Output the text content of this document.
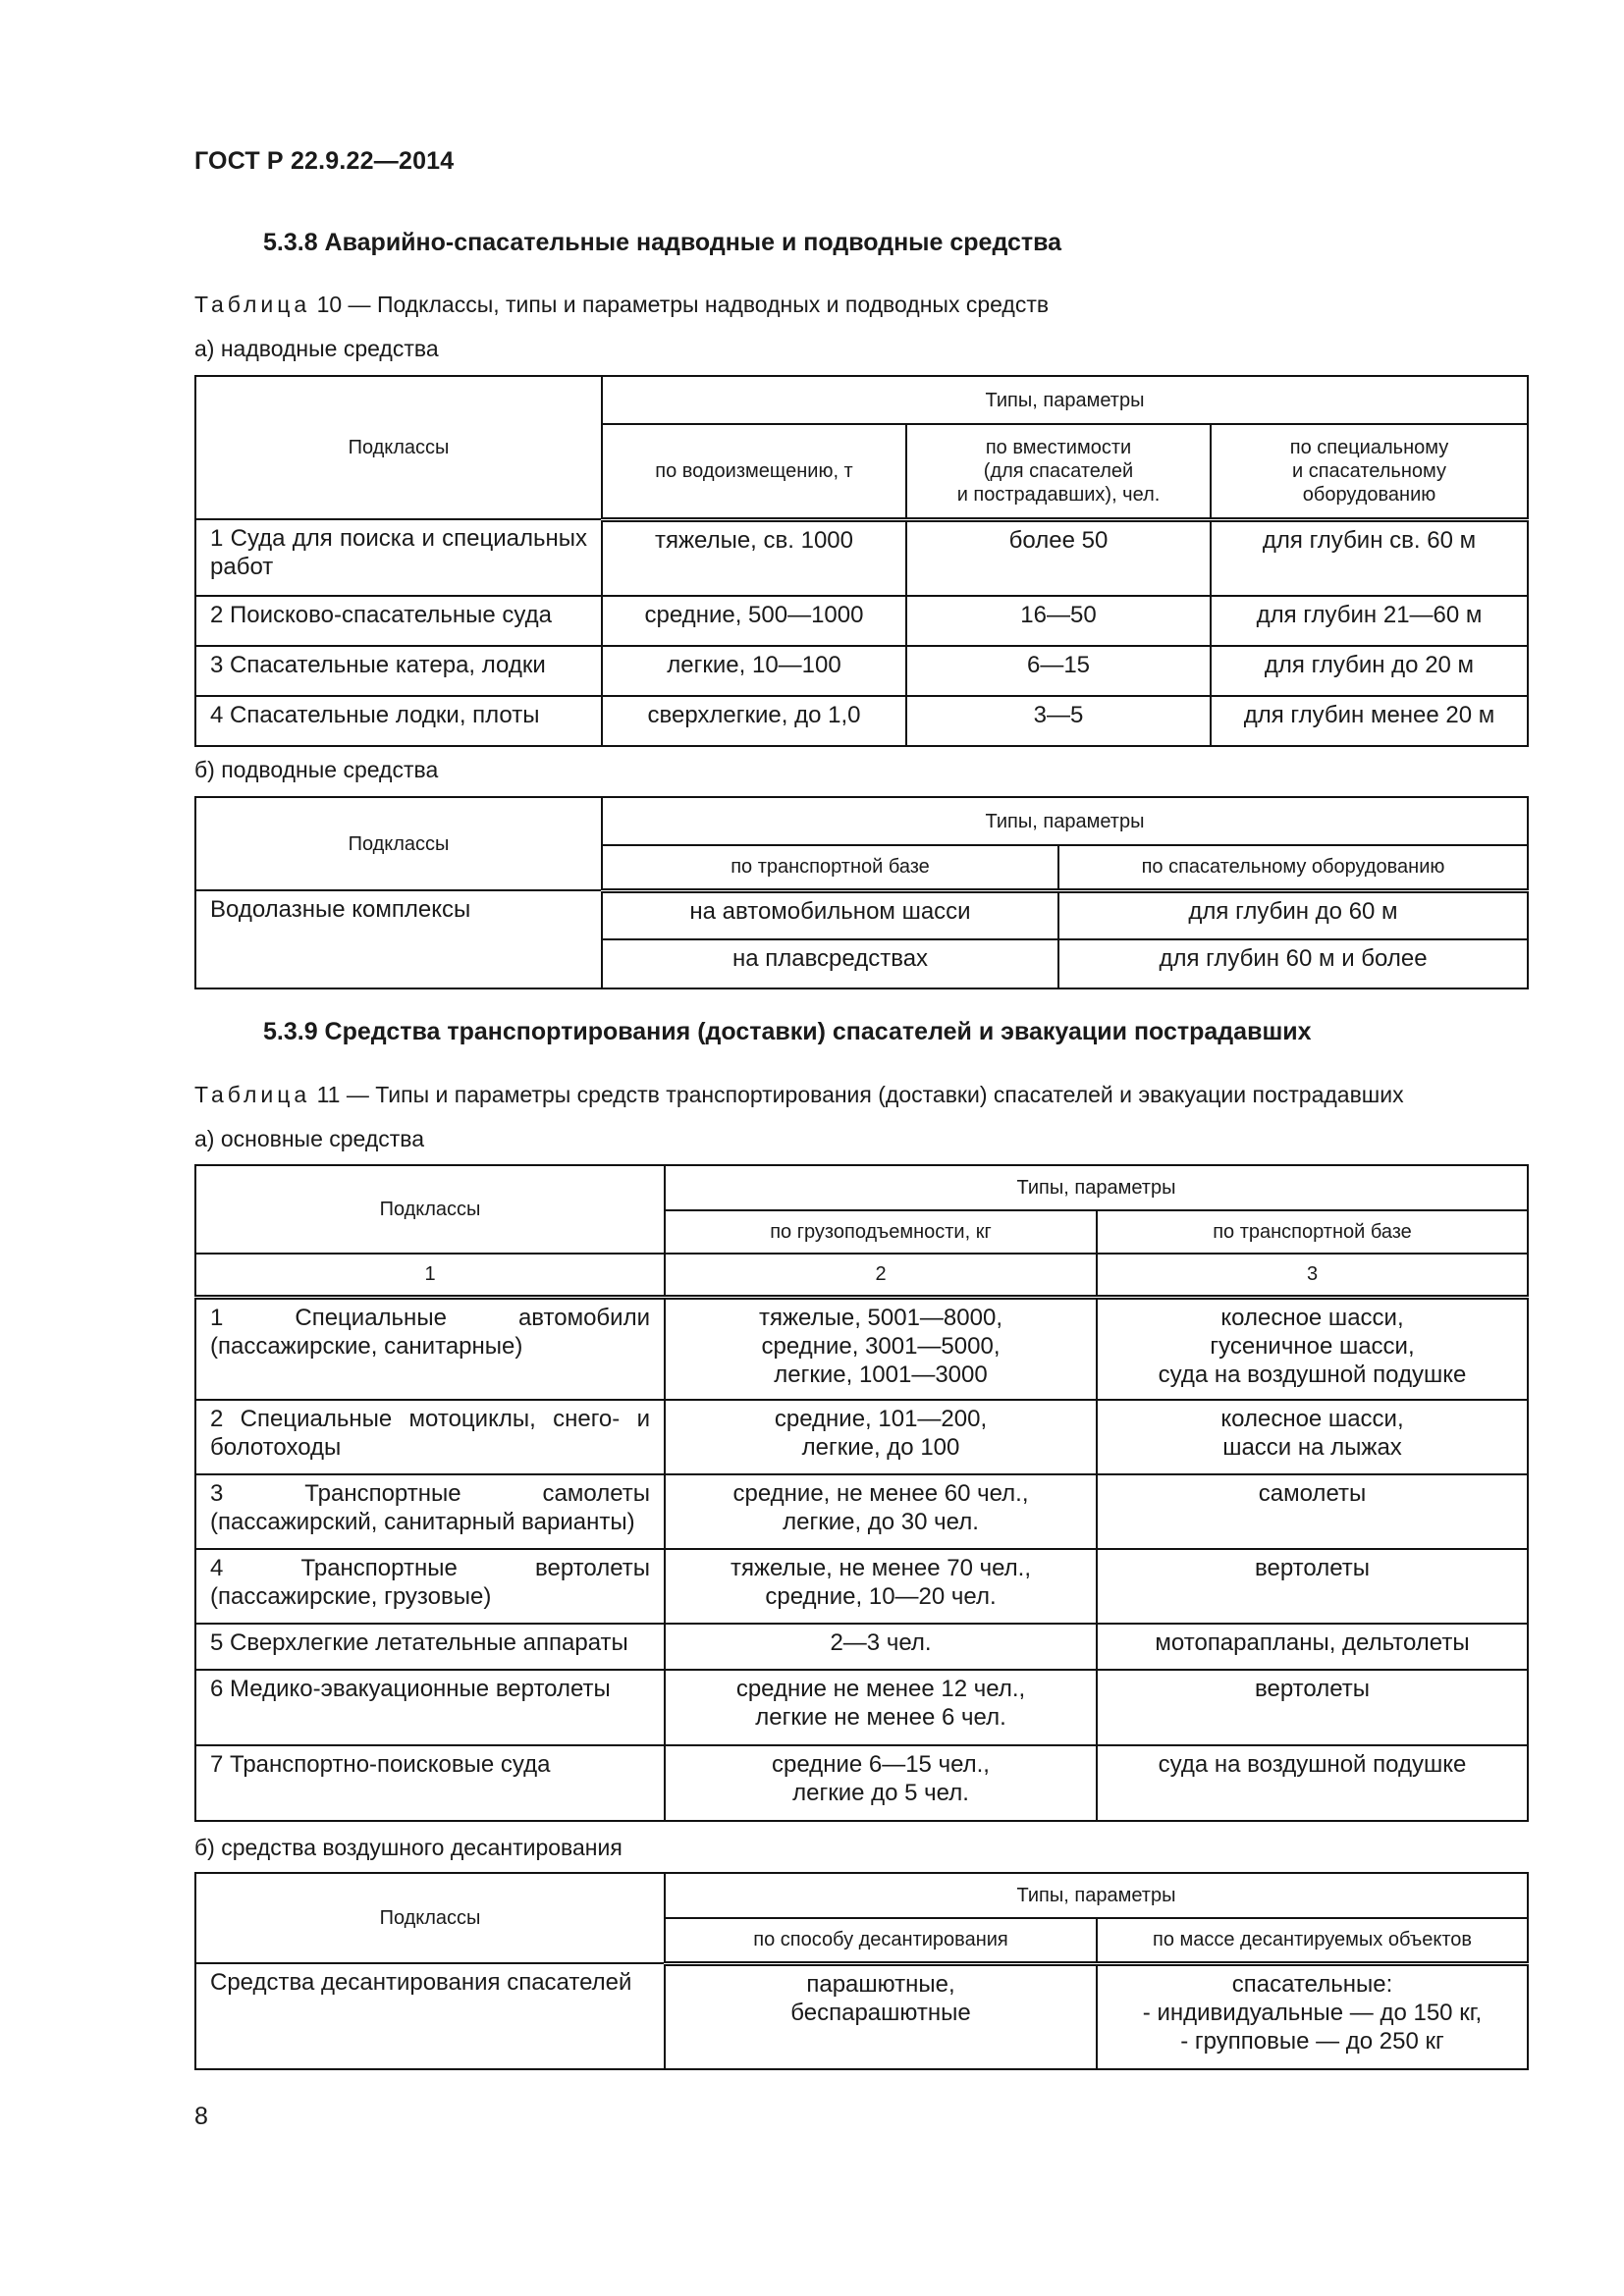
ГОСТ Р 22.9.22—2014
5.3.8 Аварийно-спасательные надводные и подводные средства
Таблица 10 — Подклассы, типы и параметры надводных и подводных средств
а) надводные средства
Подклассы	Типы, параметры		
	по водоизмещению, т	по вместимости
(для спасателей
и пострадавших), чел.	по специальному
и спасательному
оборудованию
1 Суда для поиска и специальных работ	тяжелые, св. 1000	более 50	для глубин св. 60 м
2 Поисково-спасательные суда	средние, 500—1000	16—50	для глубин 21—60 м
3 Спасательные катера, лодки	легкие, 10—100	6—15	для глубин до 20 м
4 Спасательные лодки, плоты	сверхлегкие, до 1,0	3—5	для глубин менее 20 м
б) подводные средства
Подклассы	Типы, параметры	
	по транспортной базе	по спасательному оборудованию
Водолазные комплексы	на автомобильном шасси	для глубин до 60 м
	на плавсредствах	для глубин 60 м и более
5.3.9 Средства транспортирования (доставки) спасателей и эвакуации пострадавших
Таблица 11 — Типы и параметры средств транспортирования (доставки) спасателей и эвакуации пострадавших
а) основные средства
Подклассы	Типы, параметры	
	по грузоподъемности, кг	по транспортной базе
1	2	3
1 Специальные автомобили (пассажирские, санитарные)	тяжелые, 5001—8000,
средние, 3001—5000,
легкие, 1001—3000	колесное шасси,
гусеничное шасси,
суда на воздушной подушке
2 Специальные мотоциклы, снего- и болотоходы	средние, 101—200,
легкие, до 100	колесное шасси,
шасси на лыжах
3 Транспортные самолеты (пассажирский, санитарный варианты)	средние, не менее 60 чел.,
легкие, до 30 чел.	самолеты
4 Транспортные вертолеты (пассажирские, грузовые)	тяжелые, не менее 70 чел.,
средние, 10—20 чел.	вертолеты
5 Сверхлегкие летательные аппараты	2—3 чел.	мотопарапланы, дельтолеты
6 Медико-эвакуационные вертолеты	средние не менее 12 чел.,
легкие не менее 6 чел.	вертолеты
7 Транспортно-поисковые суда	средние 6—15 чел.,
легкие до 5 чел.	суда на воздушной подушке
б) средства воздушного десантирования
Подклассы	Типы, параметры	
	по способу десантирования	по массе десантируемых объектов
Средства десантирования спасателей	парашютные,
беспарашютные	спасательные:
- индивидуальные — до 150 кг,
- групповые — до 250 кг
8
